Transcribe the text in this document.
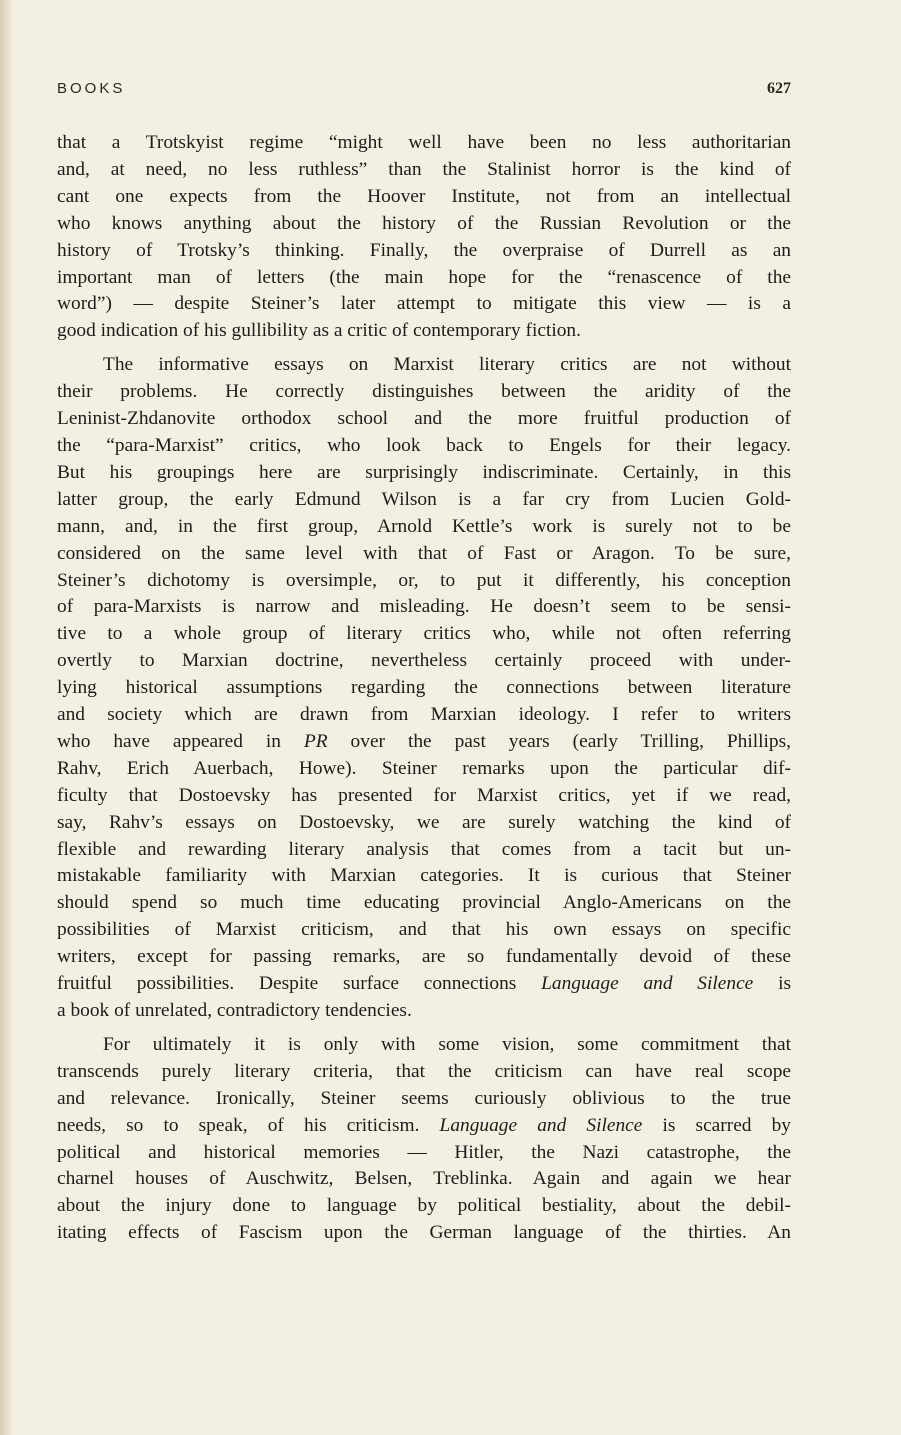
BOOKS	627

that a Trotskyist regime “might well have been no less authoritarian
and, at need, no less ruthless” than the Stalinist horror is the kind of
cant one expects from the Hoover Institute, not from an intellectual
who knows anything about the history of the Russian Revolution or the
history of Trotsky’s thinking. Finally, the overpraise of Durrell as an
important man of letters (the main hope for the “renascence of the
word”) — despite Steiner’s later attempt to mitigate this view — is a
good indication of his gullibility as a critic of contemporary fiction.

The informative essays on Marxist literary critics are not without
their problems. He correctly distinguishes between the aridity of the
Leninist-Zhdanovite orthodox school and the more fruitful production of
the “para-Marxist” critics, who look back to Engels for their legacy.
But his groupings here are surprisingly indiscriminate. Certainly, in this
latter group, the early Edmund Wilson is a far cry from Lucien Gold-
mann, and, in the first group, Arnold Kettle’s work is surely not to be
considered on the same level with that of Fast or Aragon. To be sure,
Steiner’s dichotomy is oversimple, or, to put it differently, his conception
of para-Marxists is narrow and misleading. He doesn’t seem to be sensi-
tive to a whole group of literary critics who, while not often referring
overtly to Marxian doctrine, nevertheless certainly proceed with under-
lying historical assumptions regarding the connections between literature
and society which are drawn from Marxian ideology. I refer to writers
who have appeared in PR over the past years (early Trilling, Phillips,
Rahv, Erich Auerbach, Howe). Steiner remarks upon the particular dif-
ficulty that Dostoevsky has presented for Marxist critics, yet if we read,
say, Rahv’s essays on Dostoevsky, we are surely watching the kind of
flexible and rewarding literary analysis that comes from a tacit but un-
mistakable familiarity with Marxian categories. It is curious that Steiner
should spend so much time educating provincial Anglo-Americans on the
possibilities of Marxist criticism, and that his own essays on specific
writers, except for passing remarks, are so fundamentally devoid of these
fruitful possibilities. Despite surface connections Language and Silence is
a book of unrelated, contradictory tendencies.

For ultimately it is only with some vision, some commitment that
transcends purely literary criteria, that the criticism can have real scope
and relevance. Ironically, Steiner seems curiously oblivious to the true
needs, so to speak, of his criticism. Language and Silence is scarred by
political and historical memories — Hitler, the Nazi catastrophe, the
charnel houses of Auschwitz, Belsen, Treblinka. Again and again we hear
about the injury done to language by political bestiality, about the debil-
itating effects of Fascism upon the German language of the thirties. An
